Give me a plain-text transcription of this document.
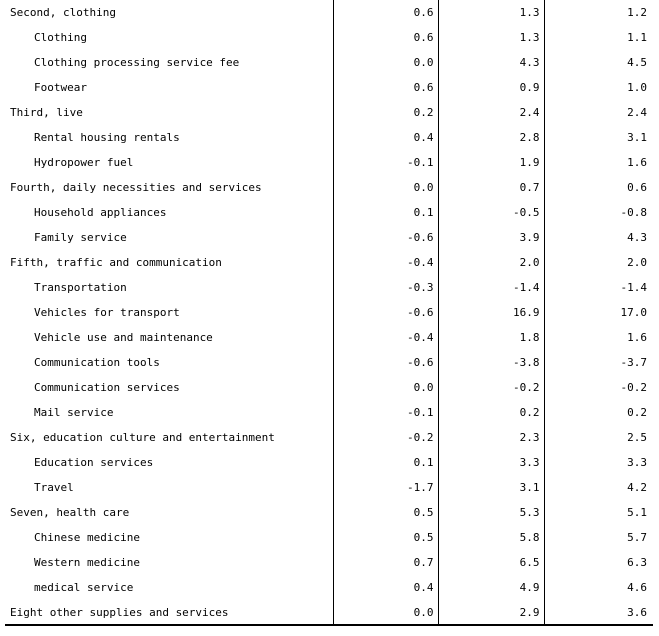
Second, clothing	0.6	1.3	1.2
Clothing	0.6	1.3	1.1
Clothing processing service fee	0.0	4.3	4.5
Footwear	0.6	0.9	1.0
Third, live	0.2	2.4	2.4
Rental housing rentals	0.4	2.8	3.1
Hydropower fuel	-0.1	1.9	1.6
Fourth, daily necessities and services	0.0	0.7	0.6
Household appliances	0.1	-0.5	-0.8
Family service	-0.6	3.9	4.3
Fifth, traffic and communication	-0.4	2.0	2.0
Transportation	-0.3	-1.4	-1.4
Vehicles for transport	-0.6	16.9	17.0
Vehicle use and maintenance	-0.4	1.8	1.6
Communication tools	-0.6	-3.8	-3.7
Communication services	0.0	-0.2	-0.2
Mail service	-0.1	0.2	0.2
Six, education culture and entertainment	-0.2	2.3	2.5
Education services	0.1	3.3	3.3
Travel	-1.7	3.1	4.2
Seven, health care	0.5	5.3	5.1
Chinese medicine	0.5	5.8	5.7
Western medicine	0.7	6.5	6.3
medical service	0.4	4.9	4.6
Eight other supplies and services	0.0	2.9	3.6
